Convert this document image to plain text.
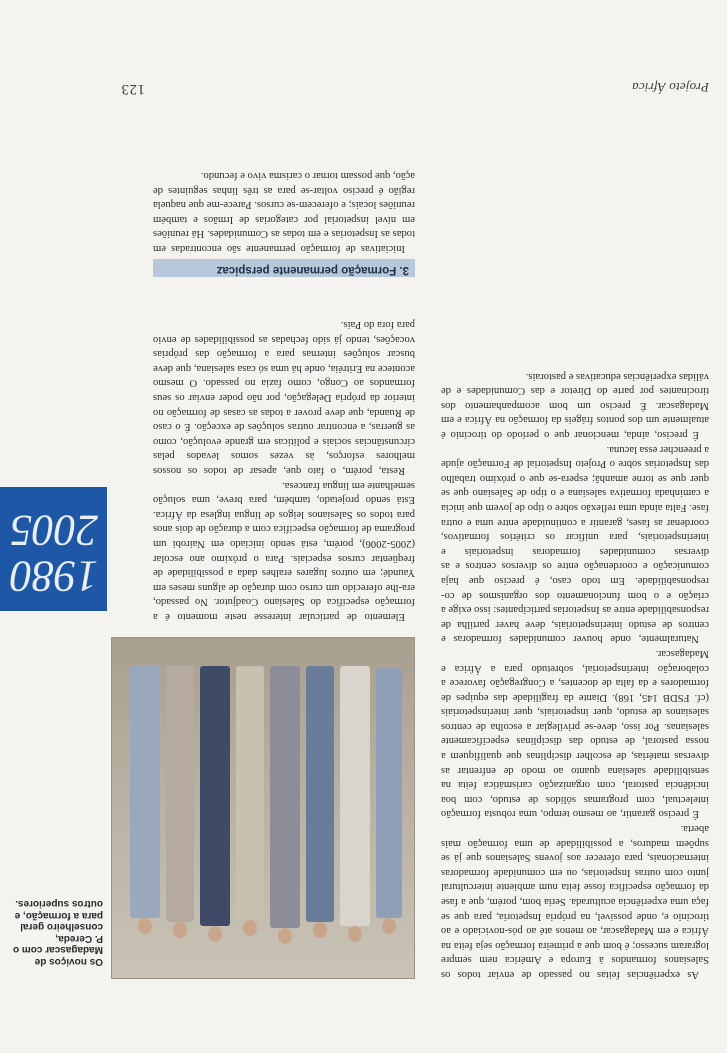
Projeto África
123

As experiências feitas no passado de enviar todos os Salesianos formandos à Europa e América nem sempre lograram sucesso; é bom que a primeira formação seja feita na África e em Madagascar, ao menos até ao pós-noviciado e ao tirocínio e, onde possível, na própria Inspetoria, para que se faça uma experiência aculturada. Seria bom, porém, que a fase da formação específica fosse feita num ambiente intercultural junto com outras Inspetorias, ou em comunidade formadoras internacionais, para oferecer aos jovens Salesianos que já se supõem maduros, a possibilidade de uma formação mais aberta.

É preciso garantir, ao mesmo tempo, uma robusta formação intelectual, com programas sólidos de estudo, com boa incidência pastoral, com organização carismática feita na sensibilidade salesiana quanto ao modo de enfrentar as diversas matérias, de escolher disciplinas que qualifiquem a nossa pastoral, de estudo das disciplinas especificamente salesianas. Por isso, deve-se privilegiar a escolha de centros salesianos de estudo, quer inspetoriais, quer interinspetoriais (cf. FSDB 145, 168). Diante da fragilidade das equipes de formadores e da falta de docentes, a Congregação favorece a colaboração interinspetorial, sobretudo para a África e Madagascar.

Naturalmente, onde houver comunidades formadoras e centros de estudo interinspetoriais, deve haver partilha de responsabilidade entre as Inspetorias participantes: isso exige a criação e o bom funcionamento dos organismos de co-responsabilidade. Em todo caso, é preciso que haja comunicação e coordenação entre os diversos centros e as diversas comunidades formadoras inspetoriais e interinspetoriais, para unificar os critérios formativos, coordenar as fases, garantir a continuidade entre uma e outra fase. Falta ainda uma reflexão sobre o tipo de jovem que inicia a caminhada formativa salesiana e o tipo de Salesiano que se quer que se torne amanhã; espera-se que o próximo trabalho das Inspetorias sobre o Projeto Inspetorial de Formação ajude a preencher essa lacuna.

É preciso, ainda, mencionar que o período do tirocínio é atualmente um dos pontos frágeis da formação na África e em Madagascar. É preciso um bom acompanhamento dos tirocinantes por parte do Diretor e das Comunidades e de válidas experiências educativas e pastorais.

Os noviços de Madagascar com o P. Cereda, conselheiro geral para a formação, e outros superiores.
1980
2005

Elemento de particular interesse neste momento é a formação específica do Salesiano Coadjutor. No passado, era-lhe oferecido um curso com duração de alguns meses em Yaundé; em outros lugares eralhes dada a possibilidade de freqüentar cursos especiais. Para o próximo ano escolar (2005-2006), porém, está sendo iniciado em Nairobi um programa de formação específica com a duração de dois anos para todos os Salesianos leigos de língua inglesa da África. Está sendo projetado, também, para breve, uma solução semelhante em língua francesa.

Resta, porém, o fato que, apesar de todos os nossos melhores esforços, às vezes somos levados pelas circunstâncias sociais e políticas em grande evolução, como as guerras, a encontrar outras soluções de exceção. É o caso de Ruanda, que deve prover a todas as casas de formação no interior da própria Delegação, por não poder enviar os seus formandos ao Congo, como fazia no passado. O mesmo acontece na Eritréia, onde há uma só casa salesiana, que deve buscar soluções internas para a formação das próprias vocações, tendo já sido fechadas as possibilidades de envio para fora do País.

3. Formação permanente perspicaz

Iniciativas de formação permanente são encontradas em todas as Inspetorias e em todas as Comunidades. Há reuniões em nível inspetorial por categorias de Irmãos e também reuniões locais; e oferecem-se cursos. Parece-me que naquela região é preciso voltar-se para as três linhas seguintes de ação, que possam tornar o carisma vivo e fecundo.
